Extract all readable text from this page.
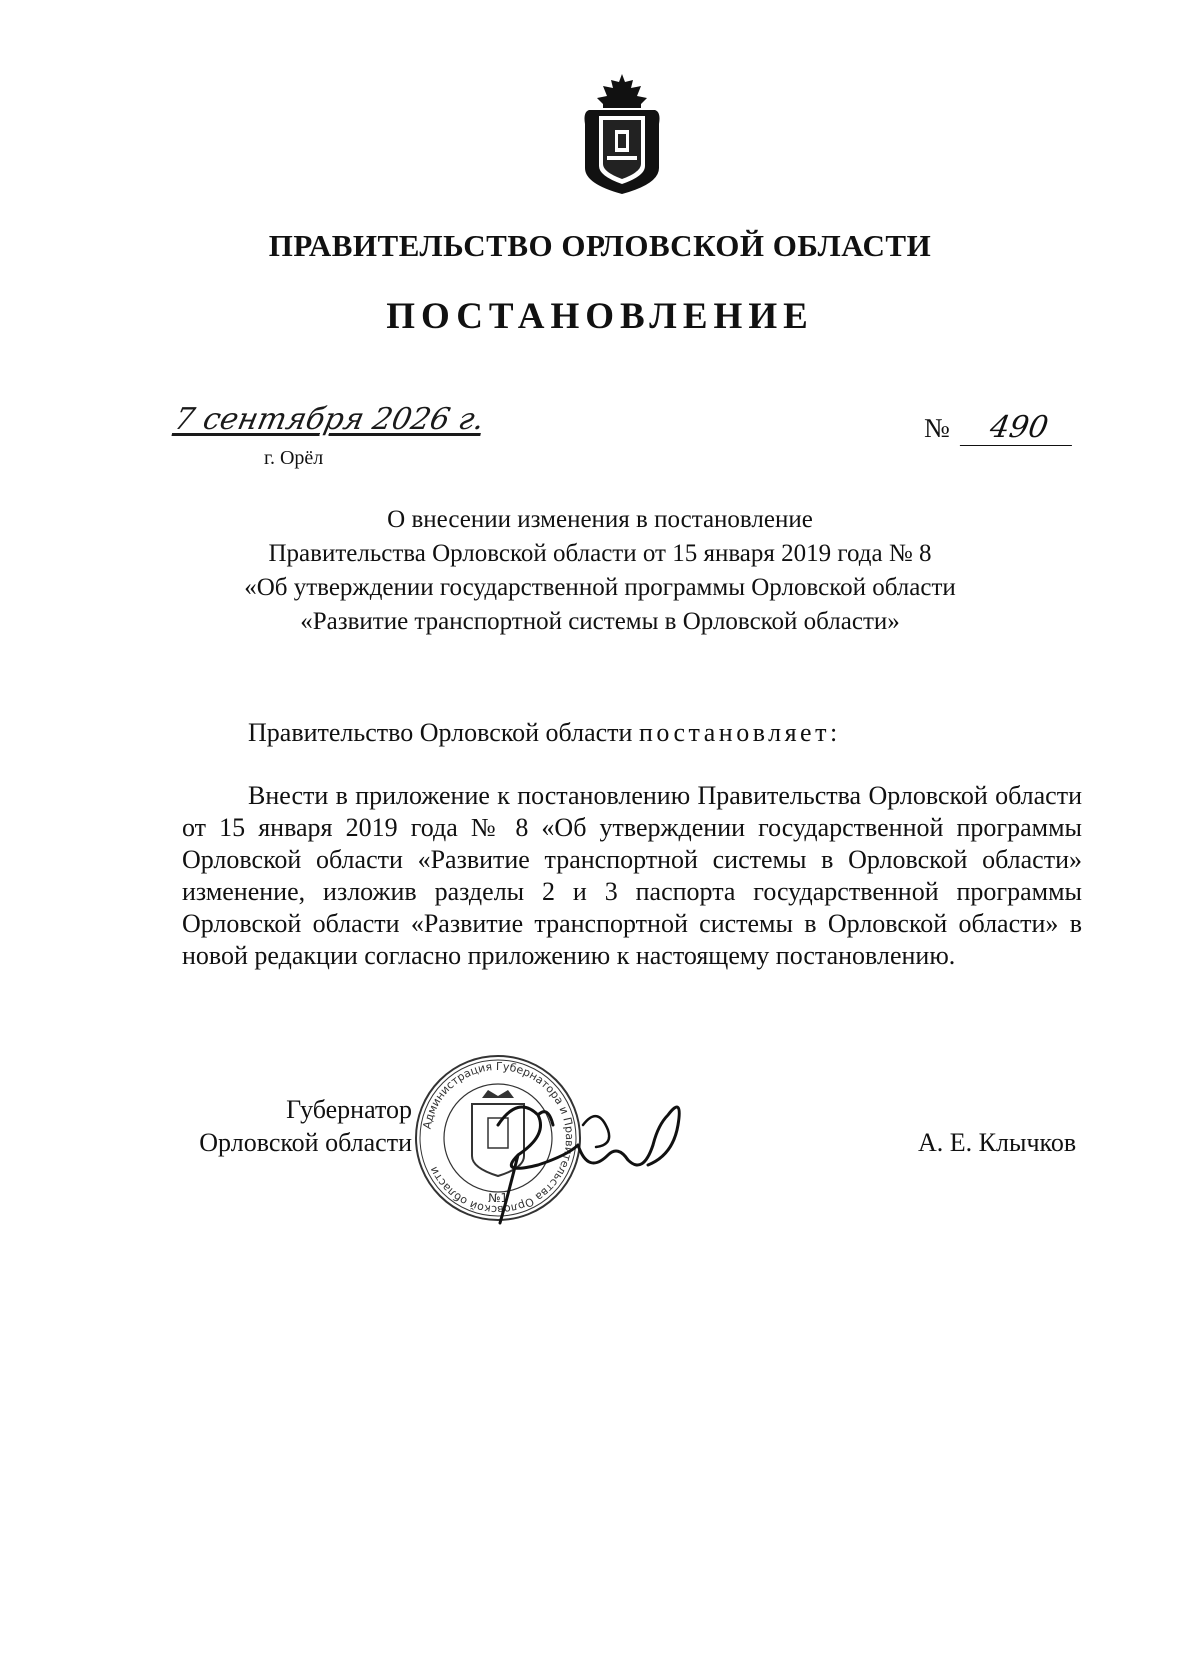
ПРАВИТЕЛЬСТВО ОРЛОВСКОЙ ОБЛАСТИ
ПОСТАНОВЛЕНИЕ
7 сентября 2026 г.
г. Орёл
№ 490
О внесении изменения в постановление
Правительства Орловской области от 15 января 2019 года № 8
«Об утверждении государственной программы Орловской области
«Развитие транспортной системы в Орловской области»
Правительство Орловской области постановляет:
Внести в приложение к постановлению Правительства Орловской области от 15 января 2019 года № 8 «Об утверждении государственной программы Орловской области «Развитие транспортной системы в Орловской области» изменение, изложив разделы 2 и 3 паспорта государственной программы Орловской области «Развитие транспортной системы в Орловской области» в новой редакции согласно приложению к настоящему постановлению.
Губернатор
Орловской области
Администрация Губернатора и Правительства Орловской области
№1
А. Е. Клычков
